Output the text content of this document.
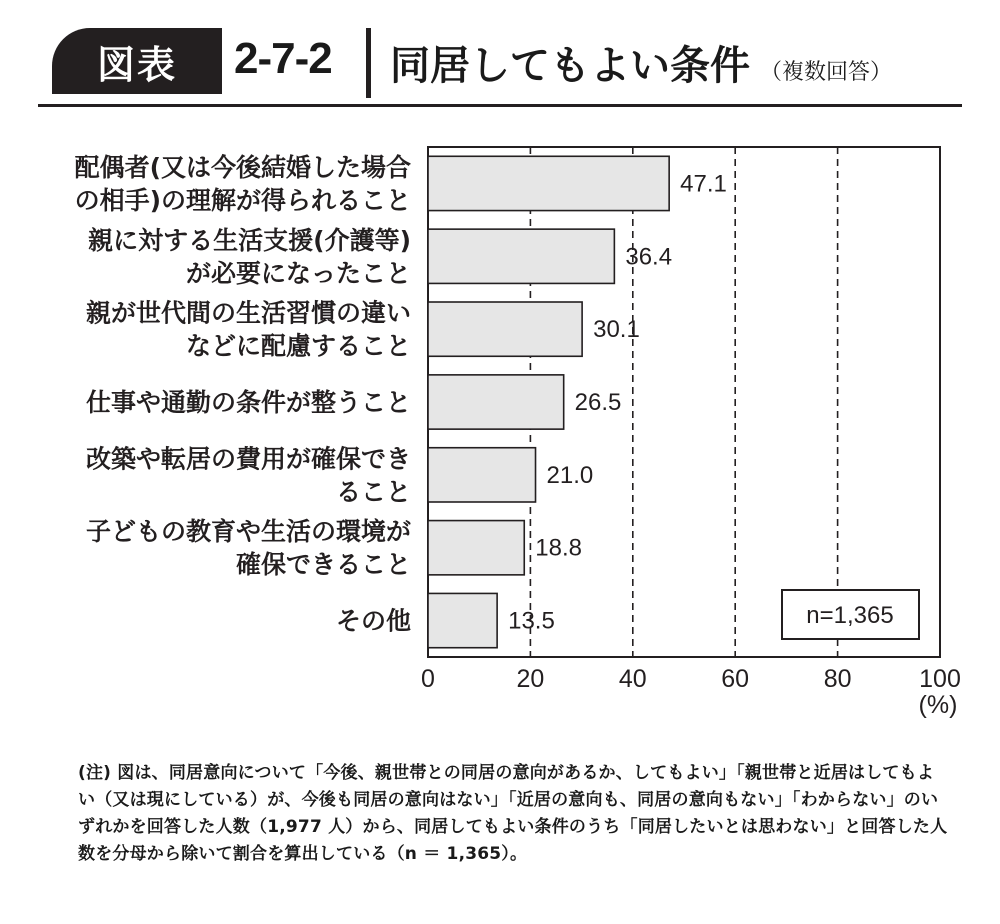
図表	2-7-2 同居してもよい条件 （複数回答）
47.1
配偶者(又は今後結婚した場合
の相手)の理解が得られること
36.4
親に対する生活支援(介護等)
が必要になったこと
30.1
親が世代間の生活習慣の違い
などに配慮すること
26.5
仕事や通勤の条件が整うこと
21.0
改築や転居の費用が確保でき
ること
18.8
子どもの教育や生活の環境が
確保できること
13.5
その他
0	20	40	60	80	100
(%)
n=1,365
(注) 図は、同居意向について「今後、親世帯との同居の意向があるか、してもよい」「親世帯と近居はしてもよい（又は現にしている）が、今後も同居の意向はない」「近居の意向も、同居の意向もない」「わからない」のいずれかを回答した人数（1,977 人）から、同居してもよい条件のうち「同居したいとは思わない」と回答した人数を分母から除いて割合を算出している（n ＝ 1,365）。
